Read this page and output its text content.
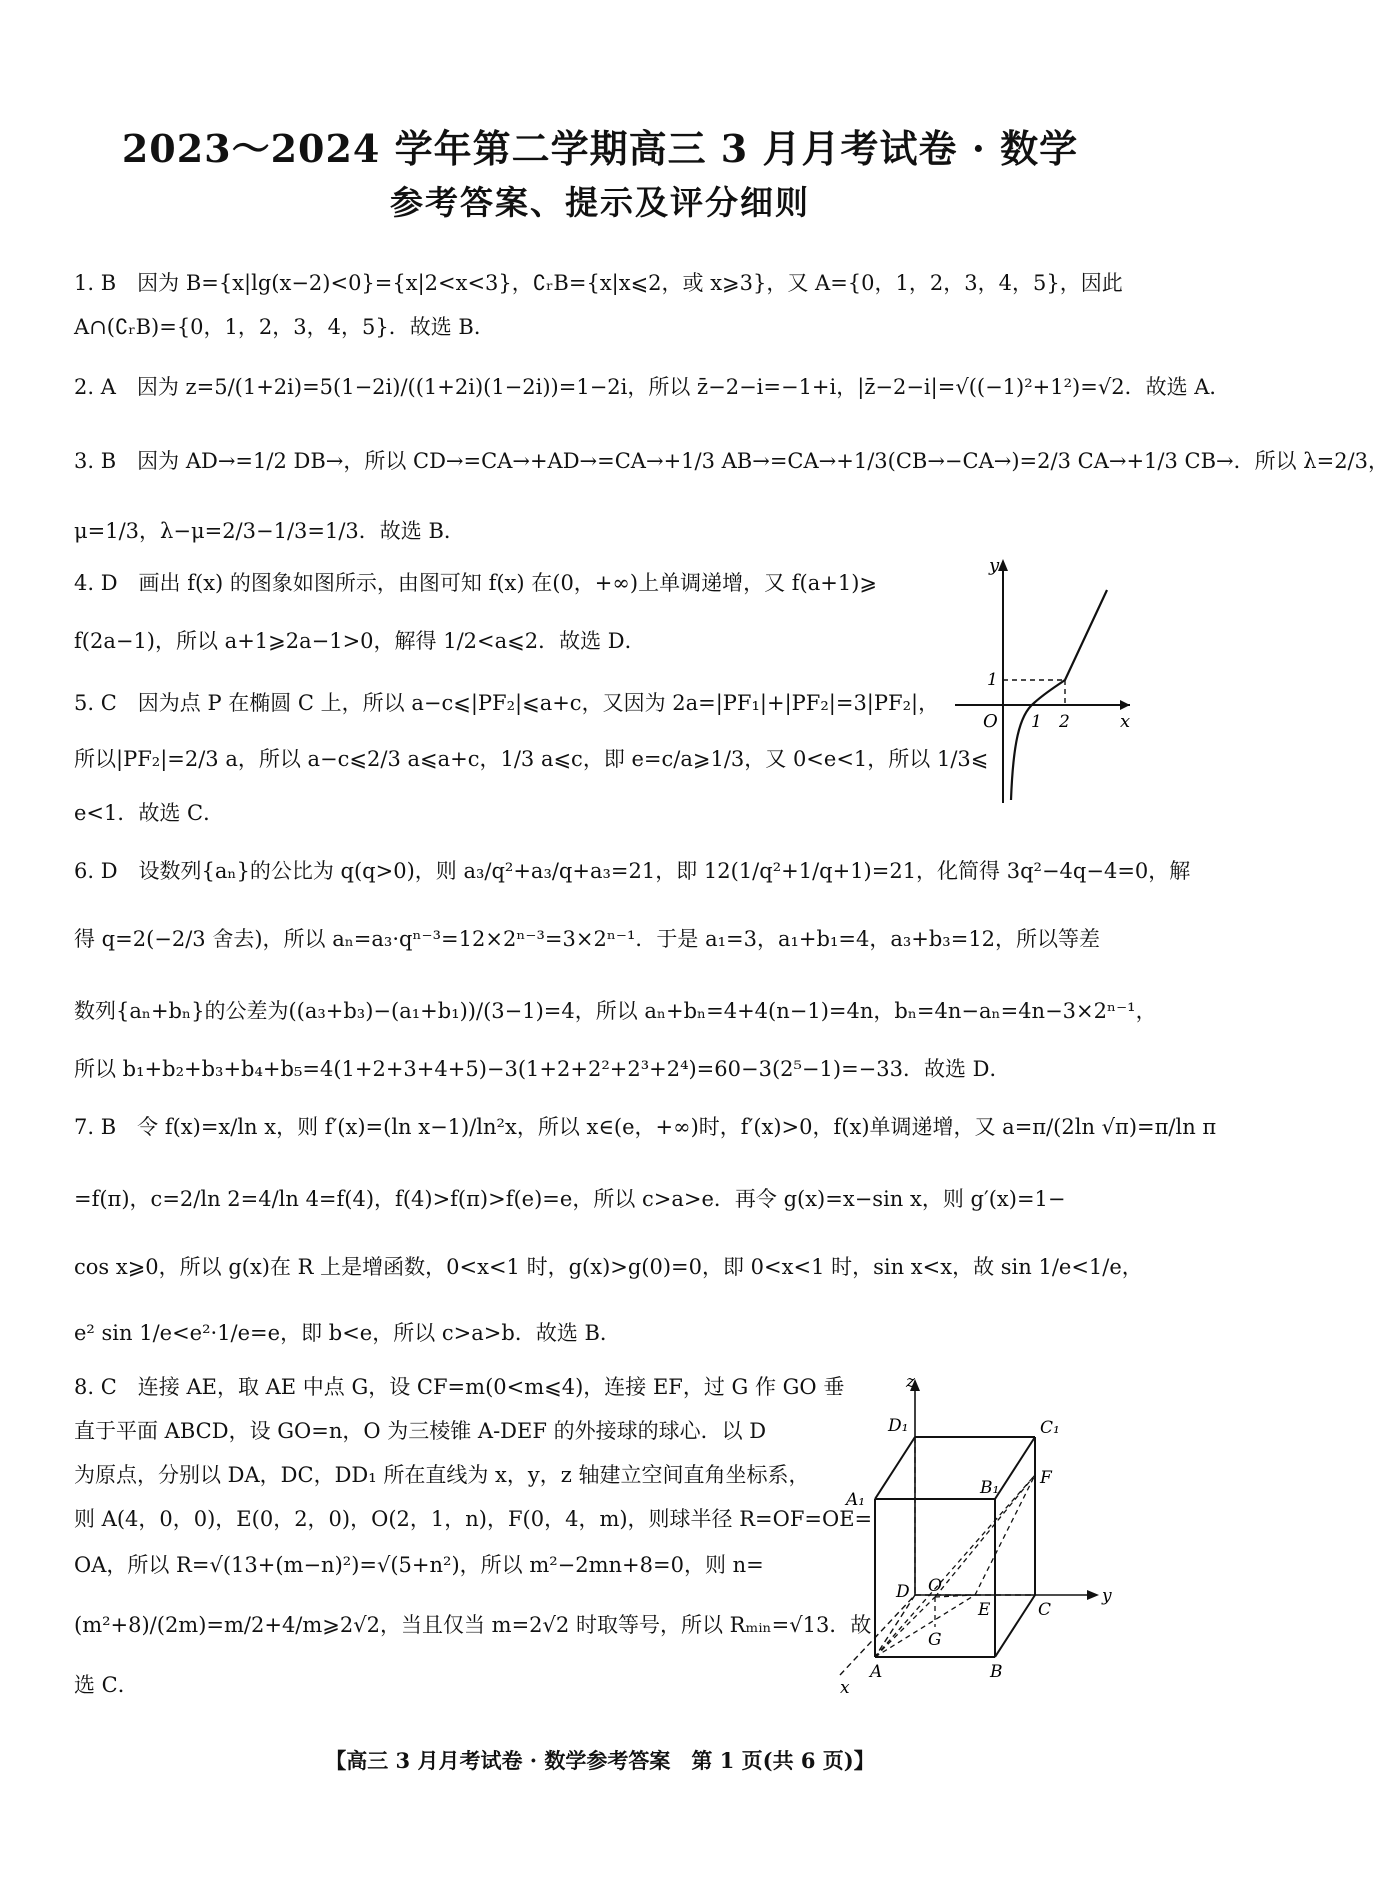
2023～2024 学年第二学期高三 3 月月考试卷 · 数学
参考答案、提示及评分细则
1. B　因为 B={x|lg(x−2)<0}={x|2<x<3}，∁ᵣB={x|x⩽2，或 x⩾3}，又 A={0，1，2，3，4，5}，因此
A∩(∁ᵣB)={0，1，2，3，4，5}．故选 B．
2. A　因为 z=5/(1+2i)=5(1−2i)/((1+2i)(1−2i))=1−2i，所以 z̄−2−i=−1+i，|z̄−2−i|=√((−1)²+1²)=√2．故选 A．
3. B　因为 AD→=1/2 DB→，所以 CD→=CA→+AD→=CA→+1/3 AB→=CA→+1/3(CB→−CA→)=2/3 CA→+1/3 CB→．所以 λ=2/3，
μ=1/3，λ−μ=2/3−1/3=1/3．故选 B．
4. D　画出 f(x) 的图象如图所示，由图可知 f(x) 在(0，+∞)上单调递增，又 f(a+1)⩾
f(2a−1)，所以 a+1⩾2a−1>0，解得 1/2<a⩽2．故选 D．
5. C　因为点 P 在椭圆 C 上，所以 a−c⩽|PF₂|⩽a+c，又因为 2a=|PF₁|+|PF₂|=3|PF₂|，
所以|PF₂|=2/3 a，所以 a−c⩽2/3 a⩽a+c，1/3 a⩽c，即 e=c/a⩾1/3，又 0<e<1，所以 1/3⩽
e<1．故选 C．
6. D　设数列{aₙ}的公比为 q(q>0)，则 a₃/q²+a₃/q+a₃=21，即 12(1/q²+1/q+1)=21，化简得 3q²−4q−4=0，解
得 q=2(−2/3 舍去)，所以 aₙ=a₃·qⁿ⁻³=12×2ⁿ⁻³=3×2ⁿ⁻¹．于是 a₁=3，a₁+b₁=4，a₃+b₃=12，所以等差
数列{aₙ+bₙ}的公差为((a₃+b₃)−(a₁+b₁))/(3−1)=4，所以 aₙ+bₙ=4+4(n−1)=4n，bₙ=4n−aₙ=4n−3×2ⁿ⁻¹，
所以 b₁+b₂+b₃+b₄+b₅=4(1+2+3+4+5)−3(1+2+2²+2³+2⁴)=60−3(2⁵−1)=−33．故选 D．
7. B　令 f(x)=x/ln x，则 f′(x)=(ln x−1)/ln²x，所以 x∈(e，+∞)时，f′(x)>0，f(x)单调递增，又 a=π/(2ln √π)=π/ln π
=f(π)，c=2/ln 2=4/ln 4=f(4)，f(4)>f(π)>f(e)=e，所以 c>a>e．再令 g(x)=x−sin x，则 g′(x)=1−
cos x⩾0，所以 g(x)在 R 上是增函数，0<x<1 时，g(x)>g(0)=0，即 0<x<1 时，sin x<x，故 sin 1/e<1/e，
e² sin 1/e<e²·1/e=e，即 b<e，所以 c>a>b．故选 B．
8. C　连接 AE，取 AE 中点 G，设 CF=m(0<m⩽4)，连接 EF，过 G 作 GO 垂
直于平面 ABCD，设 GO=n，O 为三棱锥 A-DEF 的外接球的球心．以 D
为原点，分别以 DA，DC，DD₁ 所在直线为 x，y，z 轴建立空间直角坐标系，
则 A(4，0，0)，E(0，2，0)，O(2，1，n)，F(0，4，m)，则球半径 R=OF=OE=
OA，所以 R=√(13+(m−n)²)=√(5+n²)，所以 m²−2mn+8=0，则 n=
(m²+8)/(2m)=m/2+4/m⩾2√2，当且仅当 m=2√2 时取等号，所以 Rₘᵢₙ=√13．故
选 C．
y
x
O
1
1 2
z
y
x
D₁	C₁
B₁
A₁
F
D O
E	C
G
A	B
【高三 3 月月考试卷 · 数学参考答案　第 1 页(共 6 页)】
